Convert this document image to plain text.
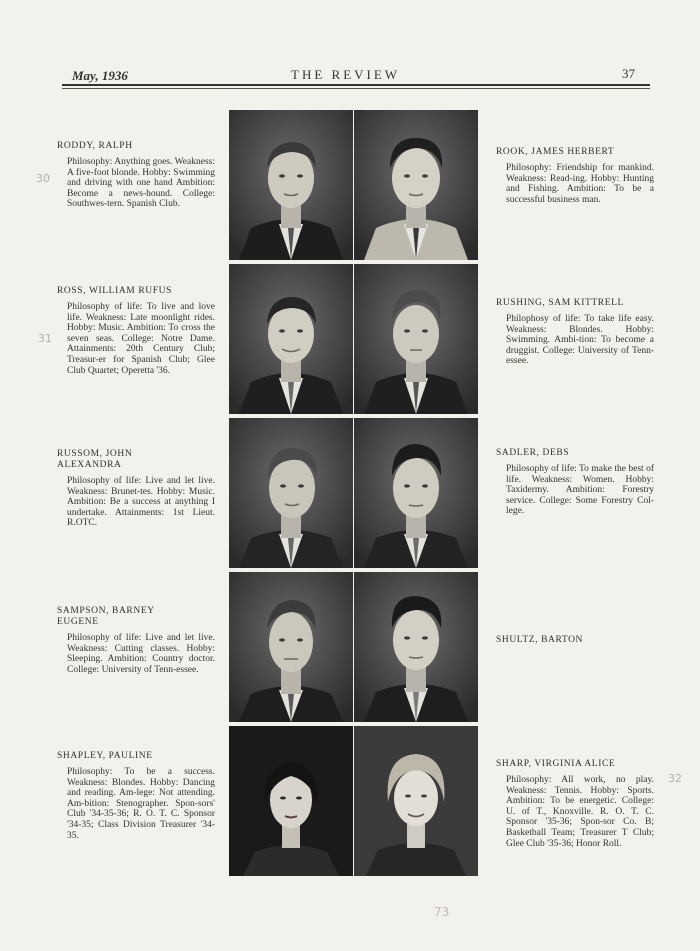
May, 1936	THE REVIEW	37
30
31
32
73
RODDY, RALPH
Philosophy: Anything goes. Weakness: A five-foot blonde. Hobby: Swimming and driving with one hand Ambition: Become a news-hound. College: Southwes-tern. Spanish Club.
ROSS, WILLIAM RUFUS
Philosophy of life: To live and love life. Weakness: Late moonlight rides. Hobby: Music. Ambition: To cross the seven seas. College: Notre Dame. Attainments: 20th Century Club; Treasur-er for Spanish Club; Glee Club Quartet; Operetta '36.
RUSSOM, JOHN ALEXANDRA
Philosophy of life: Live and let live. Weakness: Brunet-tes. Hobby: Music. Ambition: Be a success at anything I undertake. Attainments: 1st Lieut. R.OTC.
SAMPSON, BARNEY EUGENE
Philosophy of life: Live and let live. Weakness: Cutting classes. Hobby: Sleeping. Ambition: Country doctor. College: University of Tenn-essee.
SHAPLEY, PAULINE
Philosophy: To be a success. Weakness: Blondes. Hobby: Dancing and reading. Am-lege: Not attending. Am-bition: Stenographer. Spon-sors' Club '34-35-36; R. O. T. C. Sponsor '34-35; Class Division Treasurer '34-35.
ROOK, JAMES HERBERT
Philosophy: Friendship for mankind. Weakness: Read-ing. Hobby: Hunting and Fishing. Ambition: To be a successful business man.
RUSHING, SAM KITTRELL
Philophosy of life: To take life easy. Weakness: Blondes. Hobby: Swimming. Ambi-tion: To become a druggist. College: University of Tenn-essee.
SADLER, DEBS
Philosophy of life: To make the best of life. Weakness: Women. Hobby: Taxidermy. Ambition: Forestry service. College: Some Forestry Col-lege.
SHULTZ, BARTON
SHARP, VIRGINIA ALICE
Philosophy: All work, no play. Weakness: Tennis. Hobby: Sports. Ambition: To be energetic. College: U. of T., Knoxville. R. O. T. C. Sponsor '35-36; Spon-sor Co. B; Basketball Team; Treasurer T Club; Glee Club '35-36; Honor Roll.
